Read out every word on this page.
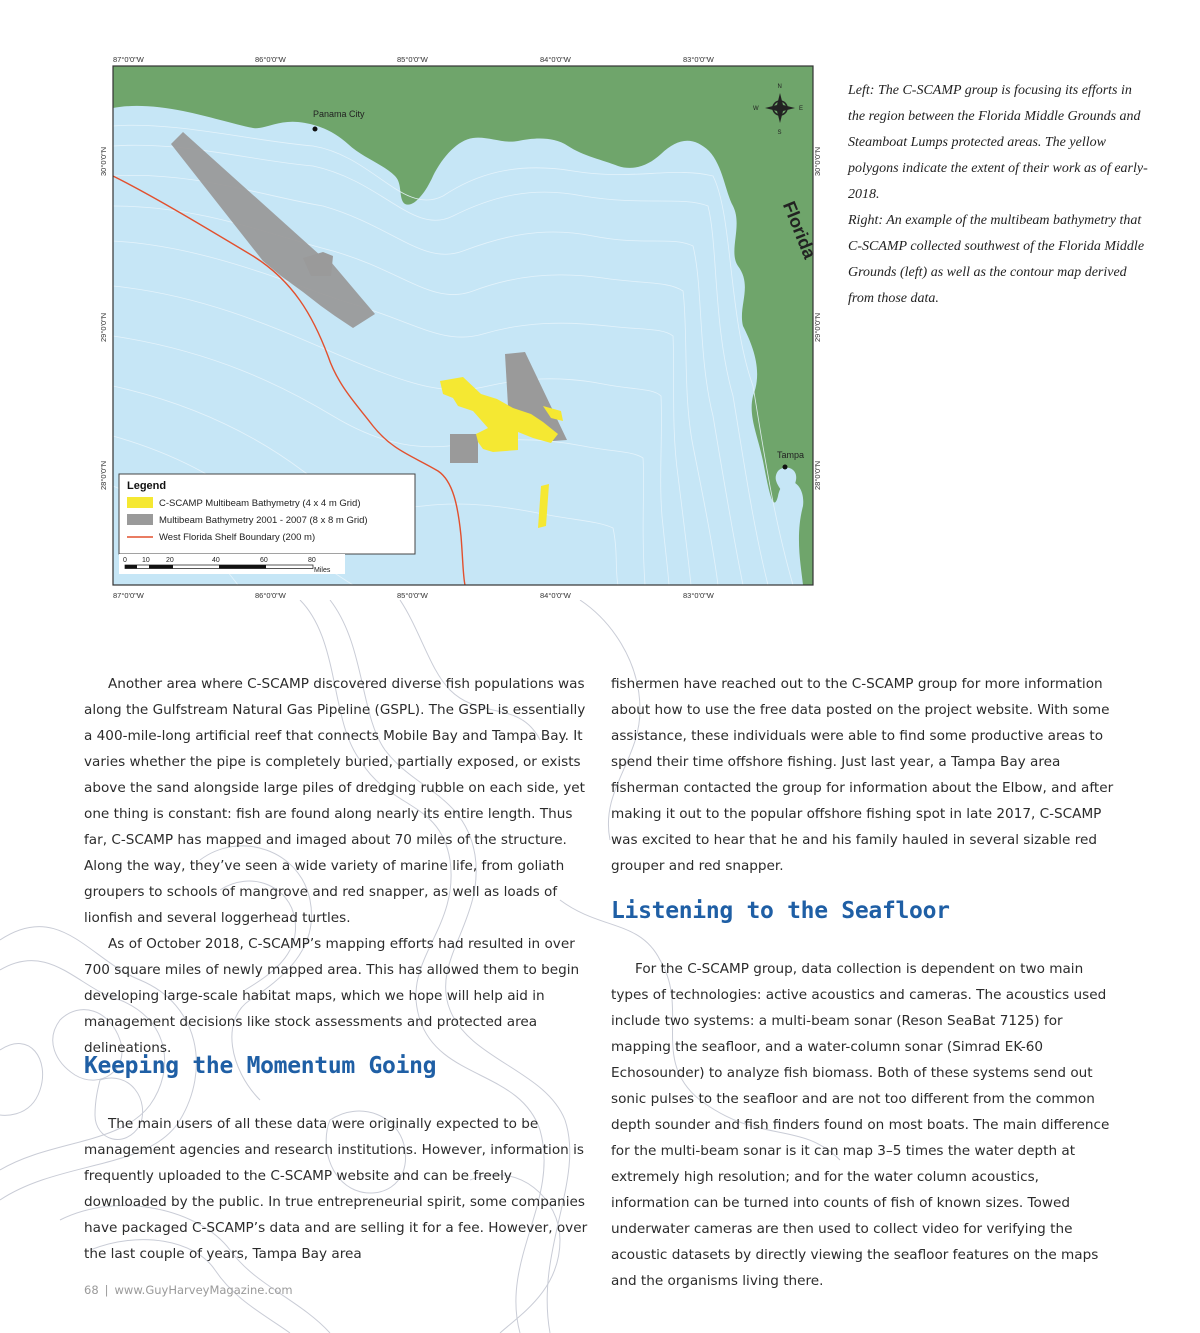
87°0'0"W	86°0'0"W	85°0'0"W	84°0'0"W	83°0'0"W
87°0'0"W	86°0'0"W	85°0'0"W	84°0'0"W	83°0'0"W
30°0'0"N
29°0'0"N
28°0'0"N
30°0'0"N
29°0'0"N
28°0'0"N
Panama City
Tampa
Florida
N
S
E
W
Legend
C-SCAMP Multibeam Bathymetry (4 x 4 m Grid)
Multibeam Bathymetry 2001 - 2007 (8 x 8 m Grid)
West Florida Shelf Boundary (200 m)
0 10 20	40	60	80
Miles

Left: The C-SCAMP group is focusing its efforts in the region between the Florida Middle Grounds and Steamboat Lumps protected areas. The yellow polygons indicate the extent of their work as of early-2018.

Right: An example of the multibeam bathymetry that C-SCAMP collected southwest of the Florida Middle Grounds (left) as well as the contour map derived from those data.

Another area where C-SCAMP discovered diverse fish populations was along the Gulfstream Natural Gas Pipeline (GSPL). The GSPL is essentially a 400-mile-long artificial reef that connects Mobile Bay and Tampa Bay. It varies whether the pipe is completely buried, partially exposed, or exists above the sand alongside large piles of dredging rubble on each side, yet one thing is constant: fish are found along nearly its entire length. Thus far, C-SCAMP has mapped and imaged about 70 miles of the structure. Along the way, they’ve seen a wide variety of marine life, from goliath groupers to schools of mangrove and red snapper, as well as loads of lionfish and several loggerhead turtles.

As of October 2018, C-SCAMP’s mapping efforts had resulted in over 700 square miles of newly mapped area. This has allowed them to begin developing large-scale habitat maps, which we hope will help aid in management decisions like stock assessments and protected area delineations.

Keeping the Momentum Going

The main users of all these data were originally expected to be management agencies and research institutions. However, information is frequently uploaded to the C-SCAMP website and can be freely downloaded by the public. In true entrepreneurial spirit, some companies have packaged C-SCAMP’s data and are selling it for a fee. However, over the last couple of years, Tampa Bay area

fishermen have reached out to the C-SCAMP group for more information about how to use the free data posted on the project website. With some assistance, these individuals were able to find some productive areas to spend their time offshore fishing. Just last year, a Tampa Bay area fisherman contacted the group for information about the Elbow, and after making it out to the popular offshore fishing spot in late 2017, C-SCAMP was excited to hear that he and his family hauled in several sizable red grouper and red snapper.

Listening to the Seafloor

For the C-SCAMP group, data collection is dependent on two main types of technologies: active acoustics and cameras. The acoustics used include two systems: a multi-beam sonar (Reson SeaBat 7125) for mapping the seafloor, and a water-column sonar (Simrad EK-60 Echosounder) to analyze fish biomass. Both of these systems send out sonic pulses to the seafloor and are not too different from the common depth sounder and fish finders found on most boats. The main difference for the multi-beam sonar is it can map 3–5 times the water depth at extremely high resolution; and for the water column acoustics, information can be turned into counts of fish of known sizes. Towed underwater cameras are then used to collect video for verifying the acoustic datasets by directly viewing the seafloor features on the maps and the organisms living there.

68 | www.GuyHarveyMagazine.com
